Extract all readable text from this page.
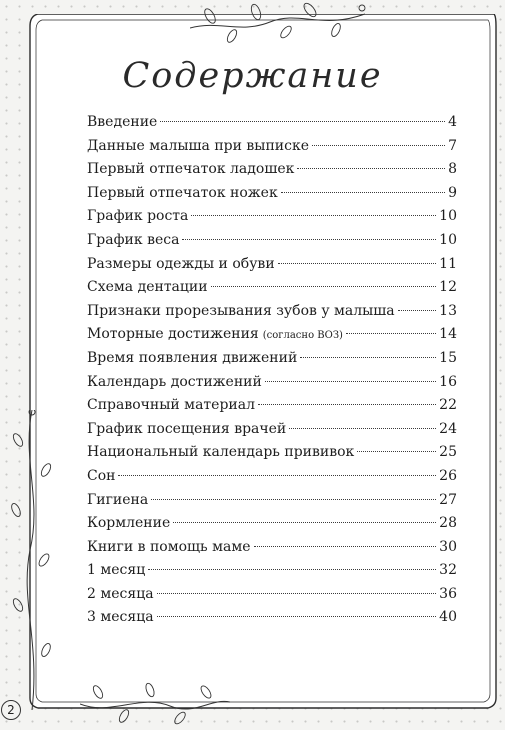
Содержание
Введение	4
Данные малыша при выписке	7
Первый отпечаток ладошек	8
Первый отпечаток ножек	9
График роста	10
График веса	10
Размеры одежды и обуви	11
Схема дентации	12
Признаки прорезывания зубов у малыша	13
Моторные достижения (согласно ВОЗ)	14
Время появления движений	15
Календарь достижений	16
Справочный материал	22
График посещения врачей	24
Национальный календарь прививок	25
Сон	26
Гигиена	27
Кормление	28
Книги в помощь маме	30
1 месяц	32
2 месяца	36
3 месяца	40
2
